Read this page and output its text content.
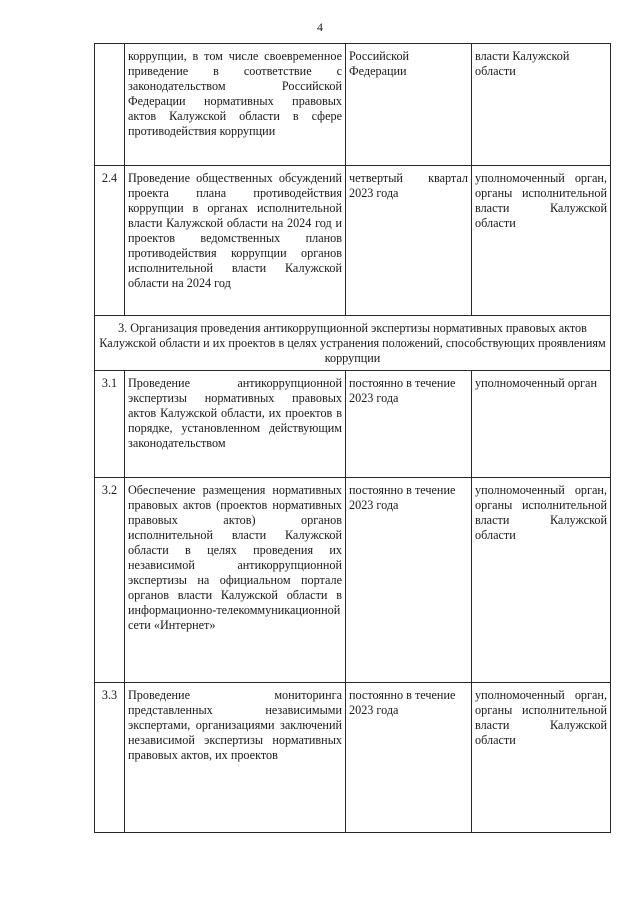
4
	коррупции, в том числе своевременное приведение в соответствие с законодательством Российской Федерации нормативных правовых актов Калужской области в сфере противодействия коррупции	Российской Федерации	власти Калужской области
2.4	Проведение общественных обсуждений проекта плана противодействия коррупции в органах исполнительной власти Калужской области на 2024 год и проектов ведомственных планов противодействия коррупции органов исполнительной власти Калужской области на 2024 год	четвертый квартал 2023 года	уполномоченный орган, органы исполнительной власти Калужской области
3. Организация проведения антикоррупционной экспертизы нормативных правовых актов Калужской области и их проектов в целях устранения положений, способствующих проявлениям коррупции			
3.1	Проведение антикоррупционной экспертизы нормативных правовых актов Калужской области, их проектов в порядке, установленном действующим законодательством	постоянно в течение 2023 года	уполномоченный орган
3.2	Обеспечение размещения нормативных правовых актов (проектов нормативных правовых актов) органов исполнительной власти Калужской области в целях проведения их независимой антикоррупционной экспертизы на официальном портале органов власти Калужской области в информационно-телекоммуникационной сети «Интернет»	постоянно в течение 2023 года	уполномоченный орган, органы исполнительной власти Калужской области
3.3	Проведение мониторинга представленных независимыми экспертами, организациями заключений независимой экспертизы нормативных правовых актов, их проектов	постоянно в течение 2023 года	уполномоченный орган, органы исполнительной власти Калужской области
